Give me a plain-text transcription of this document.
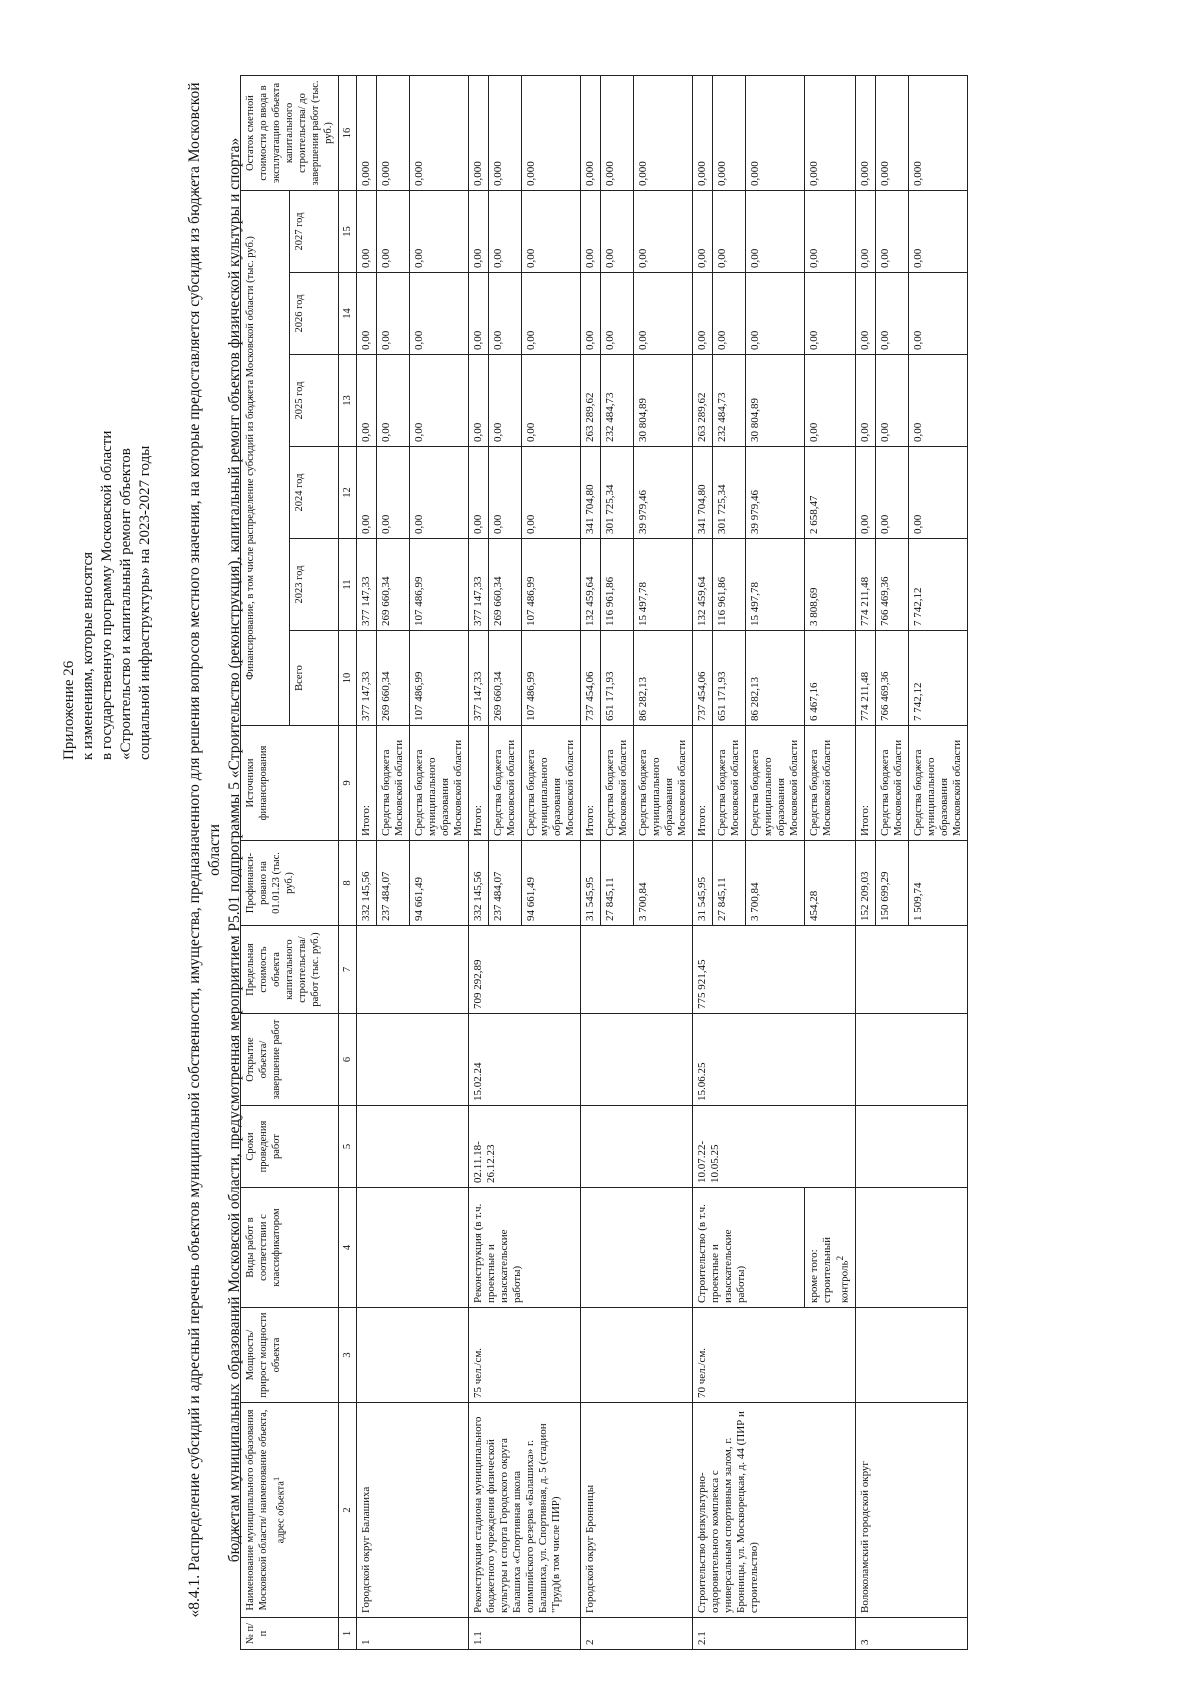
Приложение 26 к изменениям, которые вносятся в государственную программу Московской области «Строительство и капитальный ремонт объектов социальной инфраструктуры» на 2023-2027 годы «8.4.1. Распределение субсидий и адресный перечень объектов муниципальной собственности, имущества, предназначенного для решения вопросов местного значения, на которые предоставляется субсидия из бюджета Московской области бюджетам муниципальных образований Московской области, предусмотренная мероприятием Р5.01 подпрограммы 5 «Строительство (реконструкция), капитальный ремонт объектов физической культуры и спорта»
№ п/п	Наименование муниципального образования Московской области/ наименование объекта, адрес объекта$^1$	Мощность/ прирост мощности объекта	Виды работ в соответствии с классификатором	Сроки проведения работ	Открытие объекта/ завершение работ	Предельная стоимость объекта капитального строительства/ работ (тыс. руб.)	Профинанси- ровано на 01.01.23 (тыс. руб.)	Источники финансирования	Финансирование, в том числе распределение субсидий из бюджета Московской области (тыс. руб.)						Остаток сметной стоимости до ввода в эксплуатацию объекта капитального строительства/ до завершения работ (тыс. руб.)
									Всего	2023 год	2024 год	2025 год	2026 год	2027 год	
1	2	3	4	5	6	7	8	9	10	11	12	13	14	15	16
1	Городской округ Балашиха						332 145,56	Итого:	377 147,33	377 147,33	0,00	0,00	0,00	0,00	0,000
							237 484,07	Средства бюджета Московской области	269 660,34	269 660,34	0,00	0,00	0,00	0,00	0,000
							94 661,49	Средства бюджета муниципального образования Московской области	107 486,99	107 486,99	0,00	0,00	0,00	0,00	0,000
1.1	Реконструкция стадиона муниципального бюджетного учреждения физической культуры и спорта Городского округа Балашиха «Спортивная школа олимпийского резерва «Балашиха» г. Балашиха, ул. Спортивная, д. 5 (стадион "Труд)(в том числе ПИР)	75 чел./см.	Реконструкция (в т.ч. проектные и изыскательские работы)	02.11.18-26.12.23	15.02.24	709 292,89	332 145,56	Итого:	377 147,33	377 147,33	0,00	0,00	0,00	0,00	0,000
							237 484,07	Средства бюджета Московской области	269 660,34	269 660,34	0,00	0,00	0,00	0,00	0,000
							94 661,49	Средства бюджета муниципального образования Московской области	107 486,99	107 486,99	0,00	0,00	0,00	0,00	0,000
2	Городской округ Бронницы						31 545,95	Итого:	737 454,06	132 459,64	341 704,80	263 289,62	0,00	0,00	0,000
							27 845,11	Средства бюджета Московской области	651 171,93	116 961,86	301 725,34	232 484,73	0,00	0,00	0,000
							3 700,84	Средства бюджета муниципального образования Московской области	86 282,13	15 497,78	39 979,46	30 804,89	0,00	0,00	0,000
2.1	Строительство физкультурно-оздоровительного комплекса с универсальным спортивным залом, г. Бронницы, ул. Москворецкая, д. 44 (ПИР и строительство)	70 чел./см.	Строительство (в т.ч. проектные и изыскательские работы)	10.07.22-10.05.25	15.06.25	775 921,45	31 545,95	Итого:	737 454,06	132 459,64	341 704,80	263 289,62	0,00	0,00	0,000
							27 845,11	Средства бюджета Московской области	651 171,93	116 961,86	301 725,34	232 484,73	0,00	0,00	0,000
							3 700,84	Средства бюджета муниципального образования Московской области	86 282,13	15 497,78	39 979,46	30 804,89	0,00	0,00	0,000
			кроме того: строительный контроль$^2$				454,28	Средства бюджета Московской области	6 467,16	3 808,69	2 658,47	0,00	0,00	0,00	0,000
3	Волоколамский городской округ						152 209,03	Итого:	774 211,48	774 211,48	0,00	0,00	0,00	0,00	0,000
							150 699,29	Средства бюджета Московской области	766 469,36	766 469,36	0,00	0,00	0,00	0,00	0,000
							1 509,74	Средства бюджета муниципального образования Московской области	7 742,12	7 742,12	0,00	0,00	0,00	0,00	0,000
